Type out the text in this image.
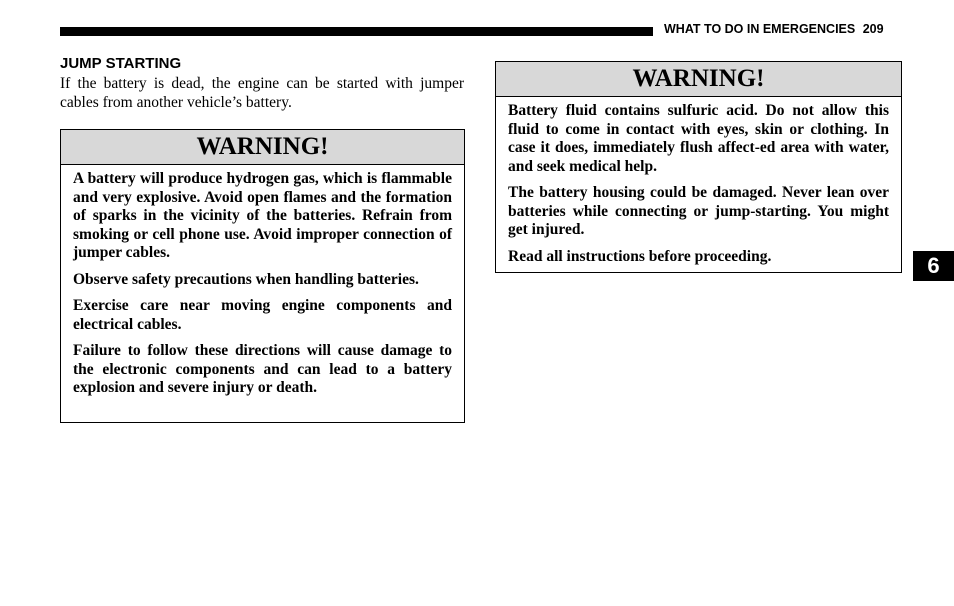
WHAT TO DO IN EMERGENCIES 209
JUMP STARTING
If the battery is dead, the engine can be started with jumper cables from another vehicle’s battery.
WARNING!

A battery will produce hydrogen gas, which is flammable and very explosive. Avoid open flames and the formation of sparks in the vicinity of the batteries. Refrain from smoking or cell phone use. Avoid improper connection of jumper cables.

Observe safety precautions when handling batteries.

Exercise care near moving engine components and electrical cables.

Failure to follow these directions will cause damage to the electronic components and can lead to a battery explosion and severe injury or death.

WARNING!

Battery fluid contains sulfuric acid. Do not allow this fluid to come in contact with eyes, skin or clothing. In case it does, immediately flush affect-ed area with water, and seek medical help.

The battery housing could be damaged. Never lean over batteries while connecting or jump-starting. You might get injured.

Read all instructions before proceeding.	6
